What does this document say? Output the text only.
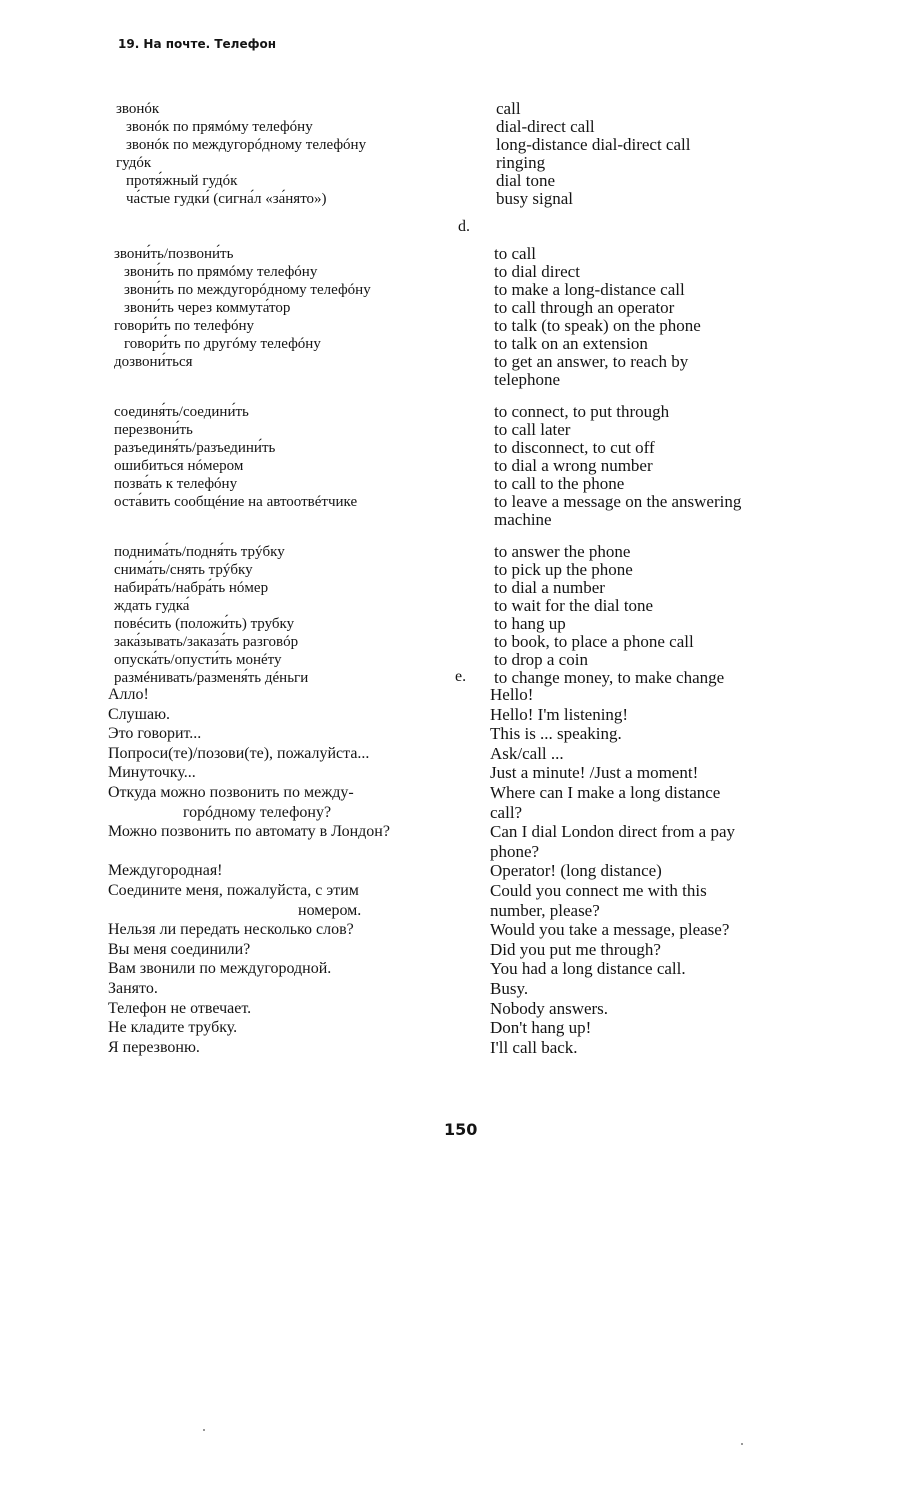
19. На почте. Телефон
звонóк	call
звонóк по прямóму телефóну	dial-direct call
звонóк по междугорóдному телефóну	long-distance dial-direct call
гудóк	ringing
протя́жный гудóк	dial tone
ча́стые гудки́ (сигна́л «за́нято»)	busy signal
d.
звони́ть/позвони́ть	to call
звони́ть по прямóму телефóну	to dial direct
звони́ть по междугорóдному телефóну	to make a long-distance call
звони́ть через коммута́тор	to call through an operator
говори́ть по телефóну	to talk (to speak) on the phone
говори́ть по другóму телефóну	to talk on an extension
дозвони́ться	to get an answer, to reach by
telephone
соединя́ть/соедини́ть	to connect, to put through
перезвони́ть	to call later
разъединя́ть/разъедини́ть	to disconnect, to cut off
ошибиться нóмером	to dial a wrong number
позва́ть к телефóну	to call to the phone
оста́вить сообщéние на автоотвéтчике	to leave a message on the answering
machine
поднима́ть/подня́ть трýбку	to answer the phone
снима́ть/снять трýбку	to pick up the phone
набира́ть/набра́ть нóмер	to dial a number
ждать гудка́	to wait for the dial tone
повéсить (положи́ть) трубку	to hang up
зака́зывать/заказа́ть разговóр	to book, to place a phone call
опуска́ть/опусти́ть монéту	to drop a coin
размéнивать/разменя́ть дéньги	to change money, to make change
e.
Алло!	Hello!
Слушаю.	Hello! I'm listening!
Это говорит...	This is ... speaking.
Попроси(те)/позови(те), пожалуйста...	Ask/call ...
Минуточку...	Just a minute! /Just a moment!
Откуда можно позвонить по между-	Where can I make a long distance
горóдному телефону?	call?
Можно позвонить по автомату в Лондон?	Can I dial London direct from a pay
phone?
Междугородная!	Operator! (long distance)
Соедините меня, пожалуйста, с этим	Could you connect me with this
номером.	number, please?
Нельзя ли передать несколько слов?	Would you take a message, please?
Вы меня соединили?	Did you put me through?
Вам звонили по междугородной.	You had a long distance call.
Занято.	Busy.
Телефон не отвечает.	Nobody answers.
Не кладите трубку.	Don't hang up!
Я перезвоню.	I'll call back.
150
